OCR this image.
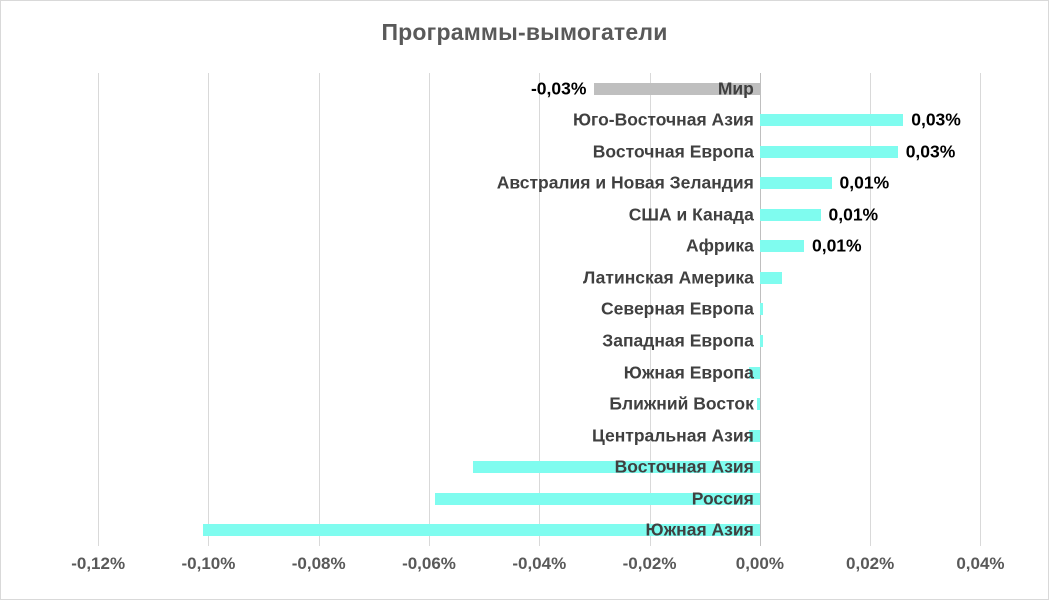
Программы-вымогатели
Мир
-0,03%
Юго-Восточная Азия	0,03%
Восточная Европа	0,03%
Австралия и Новая Зеландия	0,01%
США и Канада	0,01%
Африка	0,01%
Латинская Америка
Северная Европа
Западная Европа
Южная Европа
Ближний Восток
Центральная Азия
Восточная Азия
Россия
Южная Азия
-0,12%	-0,10%	-0,08%	-0,06%	-0,04%	-0,02%	0,00%	0,02%	0,04%
